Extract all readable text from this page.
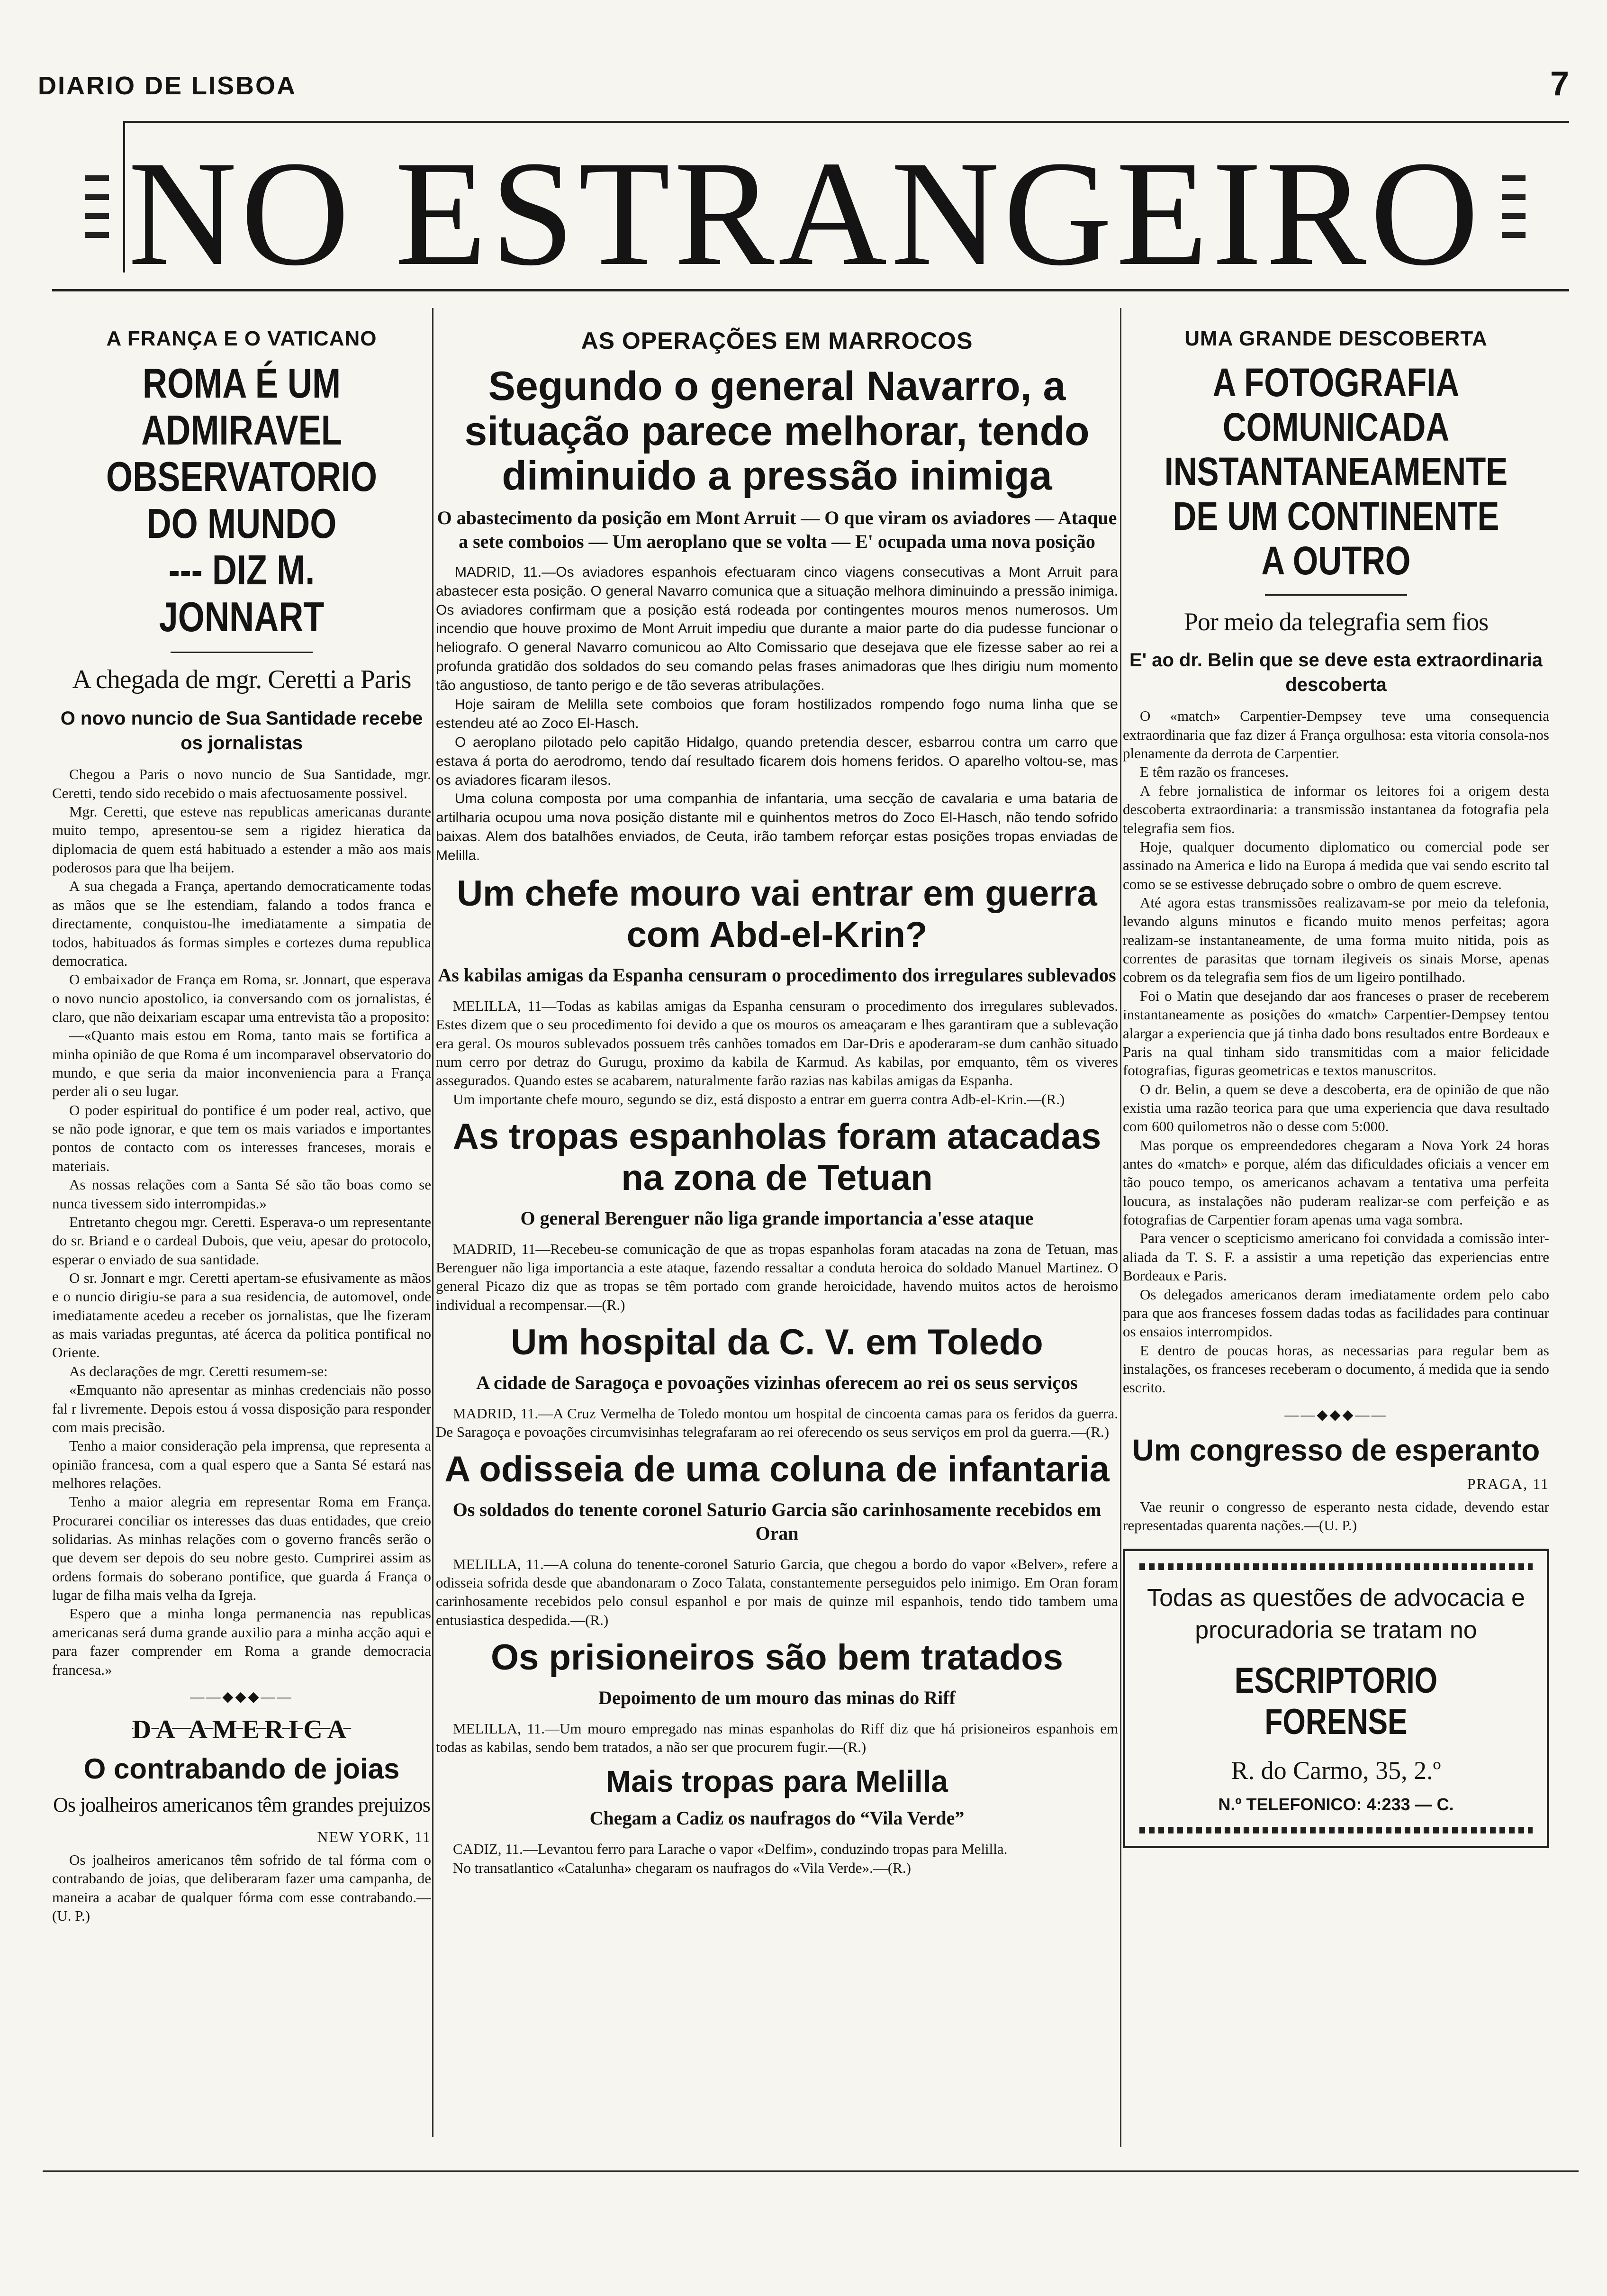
DIARIO DE LISBOA	7
NO ESTRANGEIRO
A FRANÇA E O VATICANO
ROMA É UM ADMIRAVEL
OBSERVATORIO DO MUNDO
--- DIZ M. JONNART
A chegada de mgr. Ceretti a Paris
O novo nuncio de Sua Santidade recebe os jornalistas

Chegou a Paris o novo nuncio de Sua Santidade, mgr. Ceretti, tendo sido recebido o mais afectuosamente possivel.

Mgr. Ceretti, que esteve nas republicas americanas durante muito tempo, apresentou-se sem a rigidez hieratica da diplomacia de quem está habituado a estender a mão aos mais poderosos para que lha beijem.

A sua chegada a França, apertando democraticamente todas as mãos que se lhe estendiam, falando a todos franca e directamente, conquistou-lhe imediatamente a simpatia de todos, habituados ás formas simples e cortezes duma republica democratica.

O embaixador de França em Roma, sr. Jonnart, que esperava o novo nuncio apostolico, ia conversando com os jornalistas, é claro, que não deixariam escapar uma entrevista tão a proposito:

—«Quanto mais estou em Roma, tanto mais se fortifica a minha opinião de que Roma é um incomparavel observatorio do mundo, e que seria da maior inconveniencia para a França perder ali o seu lugar.

O poder espiritual do pontifice é um poder real, activo, que se não pode ignorar, e que tem os mais variados e importantes pontos de contacto com os interesses franceses, morais e materiais.

As nossas relações com a Santa Sé são tão boas como se nunca tivessem sido interrompidas.»

Entretanto chegou mgr. Ceretti. Esperava-o um representante do sr. Briand e o cardeal Dubois, que veiu, apesar do protocolo, esperar o enviado de sua santidade.

O sr. Jonnart e mgr. Ceretti apertam-se efusivamente as mãos e o nuncio dirigiu-se para a sua residencia, de automovel, onde imediatamente acedeu a receber os jornalistas, que lhe fizeram as mais variadas preguntas, até ácerca da politica pontifical no Oriente.

As declarações de mgr. Ceretti resumem-se:

«Emquanto não apresentar as minhas credenciais não posso fal r livremente. Depois estou á vossa disposição para responder com mais precisão.

Tenho a maior consideração pela imprensa, que representa a opinião francesa, com a qual espero que a Santa Sé estará nas melhores relações.

Tenho a maior alegria em representar Roma em França. Procurarei conciliar os interesses das duas entidades, que creio solidarias. As minhas relações com o governo francês serão o que devem ser depois do seu nobre gesto. Cumprirei assim as ordens formais do soberano pontifice, que guarda á França o lugar de filha mais velha da Igreja.

Espero que a minha longa permanencia nas republicas americanas será duma grande auxilio para a minha acção aqui e para fazer comprender em Roma a grande democracia francesa.»

——◆◆◆——
DA AMERICA
O contrabando de joias
Os joalheiros americanos têm grandes prejuizos
NEW YORK, 11

Os joalheiros americanos têm sofrido de tal fórma com o contrabando de joias, que deliberaram fazer uma campanha, de maneira a acabar de qualquer fórma com esse contrabando.—(U. P.)

AS OPERAÇÕES EM MARROCOS
Segundo o general Navarro, a situação parece melhorar, tendo diminuido a pressão inimiga
O abastecimento da posição em Mont Arruit — O que viram os aviadores — Ataque a sete comboios — Um aeroplano que se volta — E' ocupada uma nova posição

MADRID, 11.—Os aviadores espanhois efectuaram cinco viagens consecutivas a Mont Arruit para abastecer esta posição. O general Navarro comunica que a situação melhora diminuindo a pressão inimiga. Os aviadores confirmam que a posição está rodeada por contingentes mouros menos numerosos. Um incendio que houve proximo de Mont Arruit impediu que durante a maior parte do dia pudesse funcionar o heliografo. O general Navarro comunicou ao Alto Comissario que desejava que ele fizesse saber ao rei a profunda gratidão dos soldados do seu comando pelas frases animadoras que lhes dirigiu num momento tão angustioso, de tanto perigo e de tão severas atribulações.

Hoje sairam de Melilla sete comboios que foram hostilizados rompendo fogo numa linha que se estendeu até ao Zoco El-Hasch.

O aeroplano pilotado pelo capitão Hidalgo, quando pretendia descer, esbarrou contra um carro que estava á porta do aerodromo, tendo daí resultado ficarem dois homens feridos. O aparelho voltou-se, mas os aviadores ficaram ilesos.

Uma coluna composta por uma companhia de infantaria, uma secção de cavalaria e uma bataria de artilharia ocupou uma nova posição distante mil e quinhentos metros do Zoco El-Hasch, não tendo sofrido baixas. Alem dos batalhões enviados, de Ceuta, irão tambem reforçar estas posições tropas enviadas de Melilla.

Um chefe mouro vai entrar em guerra com Abd-el-Krin?
As kabilas amigas da Espanha censuram o procedimento dos irregulares sublevados

MELILLA, 11—Todas as kabilas amigas da Espanha censuram o procedimento dos irregulares sublevados. Estes dizem que o seu procedimento foi devido a que os mouros os ameaçaram e lhes garantiram que a sublevação era geral. Os mouros sublevados possuem três canhões tomados em Dar-Dris e apoderaram-se dum canhão situado num cerro por detraz do Gurugu, proximo da kabila de Karmud. As kabilas, por emquanto, têm os viveres assegurados. Quando estes se acabarem, naturalmente farão razias nas kabilas amigas da Espanha.

Um importante chefe mouro, segundo se diz, está disposto a entrar em guerra contra Adb-el-Krin.—(R.)

As tropas espanholas foram atacadas na zona de Tetuan
O general Berenguer não liga grande importancia a'esse ataque

MADRID, 11—Recebeu-se comunicação de que as tropas espanholas foram atacadas na zona de Tetuan, mas Berenguer não liga importancia a este ataque, fazendo ressaltar a conduta heroica do soldado Manuel Martinez. O general Picazo diz que as tropas se têm portado com grande heroicidade, havendo muitos actos de heroismo individual a recompensar.—(R.)

Um hospital da C. V. em Toledo
A cidade de Saragoça e povoações vizinhas oferecem ao rei os seus serviços

MADRID, 11.—A Cruz Vermelha de Toledo montou um hospital de cincoenta camas para os feridos da guerra. De Saragoça e povoações circumvisinhas telegrafaram ao rei oferecendo os seus serviços em prol da guerra.—(R.)

A odisseia de uma coluna de infantaria
Os soldados do tenente coronel Saturio Garcia são carinhosamente recebidos em Oran

MELILLA, 11.—A coluna do tenente-coronel Saturio Garcia, que chegou a bordo do vapor «Belver», refere a odisseia sofrida desde que abandonaram o Zoco Talata, constantemente perseguidos pelo inimigo. Em Oran foram carinhosamente recebidos pelo consul espanhol e por mais de quinze mil espanhois, tendo tido tambem uma entusiastica despedida.—(R.)

Os prisioneiros são bem tratados
Depoimento de um mouro das minas do Riff

MELILLA, 11.—Um mouro empregado nas minas espanholas do Riff diz que há prisioneiros espanhois em todas as kabilas, sendo bem tratados, a não ser que procurem fugir.—(R.)

Mais tropas para Melilla
Chegam a Cadiz os naufragos do “Vila Verde”

CADIZ, 11.—Levantou ferro para Larache o vapor «Delfim», conduzindo tropas para Melilla.

No transatlantico «Catalunha» chegaram os naufragos do «Vila Verde».—(R.)

UMA GRANDE DESCOBERTA
A FOTOGRAFIA COMUNICADA INSTANTANEAMENTE DE UM CONTINENTE A OUTRO
Por meio da telegrafia sem fios
E' ao dr. Belin que se deve esta extraordinaria descoberta

O «match» Carpentier-Dempsey teve uma consequencia extraordinaria que faz dizer á França orgulhosa: esta vitoria consola-nos plenamente da derrota de Carpentier.

E têm razão os franceses.

A febre jornalistica de informar os leitores foi a origem desta descoberta extraordinaria: a transmissão instantanea da fotografia pela telegrafia sem fios.

Hoje, qualquer documento diplomatico ou comercial pode ser assinado na America e lido na Europa á medida que vai sendo escrito tal como se se estivesse debruçado sobre o ombro de quem escreve.

Até agora estas transmissões realizavam-se por meio da telefonia, levando alguns minutos e ficando muito menos perfeitas; agora realizam-se instantaneamente, de uma forma muito nitida, pois as correntes de parasitas que tornam ilegiveis os sinais Morse, apenas cobrem os da telegrafia sem fios de um ligeiro pontilhado.

Foi o Matin que desejando dar aos franceses o praser de receberem instantaneamente as posições do «match» Carpentier-Dempsey tentou alargar a experiencia que já tinha dado bons resultados entre Bordeaux e Paris na qual tinham sido transmitidas com a maior felicidade fotografias, figuras geometricas e textos manuscritos.

O dr. Belin, a quem se deve a descoberta, era de opinião de que não existia uma razão teorica para que uma experiencia que dava resultado com 600 quilometros não o desse com 5:000.

Mas porque os empreendedores chegaram a Nova York 24 horas antes do «match» e porque, além das dificuldades oficiais a vencer em tão pouco tempo, os americanos achavam a tentativa uma perfeita loucura, as instalações não puderam realizar-se com perfeição e as fotografias de Carpentier foram apenas uma vaga sombra.

Para vencer o scepticismo americano foi convidada a comissão inter-aliada da T. S. F. a assistir a uma repetição das experiencias entre Bordeaux e Paris.

Os delegados americanos deram imediatamente ordem pelo cabo para que aos franceses fossem dadas todas as facilidades para continuar os ensaios interrompidos.

E dentro de poucas horas, as necessarias para regular bem as instalações, os franceses receberam o documento, á medida que ia sendo escrito.

——◆◆◆——
Um congresso de esperanto
PRAGA, 11

Vae reunir o congresso de esperanto nesta cidade, devendo estar representadas quarenta nações.—(U. P.)

Todas as questões de advocacia e procuradoria se tratam no
ESCRIPTORIO FORENSE
R. do Carmo, 35, 2.º
N.º TELEFONICO: 4:233 — C.
